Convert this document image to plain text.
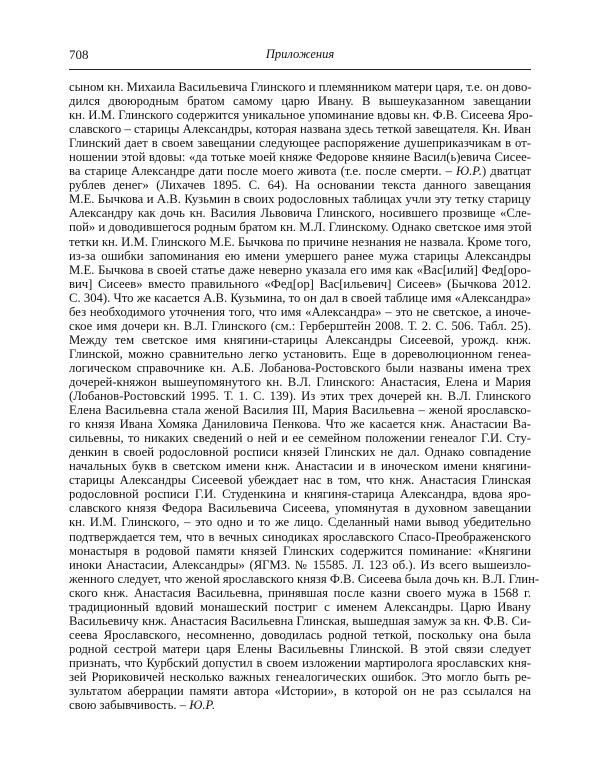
708	Приложения
сыном кн. Михаила Васильевича Глинского и племянником матери царя, т.е. он дово-
дился двоюродным братом самому царю Ивану. В вышеуказанном завещании
кн. И.М. Глинского содержится уникальное упоминание вдовы кн. Ф.В. Сисеева Яро-
славского – старицы Александры, которая названа здесь теткой завещателя. Кн. Иван
Глинский дает в своем завещании следующее распоряжение душеприказчикам в от-
ношении этой вдовы: «да тотьке моей княже Федорове княине Васил(ь)евича Сисее-
ва старице Александре дати после моего живота (т.е. после смерти. – Ю.Р.) дватцат
рублев денег» (Лихачев 1895. С. 64). На основании текста данного завещания
М.Е. Бычкова и А.В. Кузьмин в своих родословных таблицах учли эту тетку старицу
Александру как дочь кн. Василия Львовича Глинского, носившего прозвище «Сле-
пой» и доводившегося родным братом кн. М.Л. Глинскому. Однако светское имя этой
тетки кн. И.М. Глинского М.Е. Бычкова по причине незнания не назвала. Кроме того,
из-за ошибки запоминания ею имени умершего ранее мужа старицы Александры
М.Е. Бычкова в своей статье даже неверно указала его имя как «Вас[илий] Фед[оро-
вич] Сисеев» вместо правильного «Фед[ор] Вас[ильевич] Сисеев» (Бычкова 2012.
С. 304). Что же касается А.В. Кузьмина, то он дал в своей таблице имя «Александра»
без необходимого уточнения того, что имя «Александра» – это не светское, а иноче-
ское имя дочери кн. В.Л. Глинского (см.: Герберштейн 2008. Т. 2. С. 506. Табл. 25).
Между тем светское имя княгини-старицы Александры Сисеевой, урожд. кнж.
Глинской, можно сравнительно легко установить. Еще в дореволюционном генеа-
логическом справочнике кн. А.Б. Лобанова-Ростовского были названы имена трех
дочерей-княжон вышеупомянутого кн. В.Л. Глинского: Анастасия, Елена и Мария
(Лобанов-Ростовский 1995. Т. 1. С. 139). Из этих трех дочерей кн. В.Л. Глинского
Елена Васильевна стала женой Василия III, Мария Васильевна – женой ярославско-
го князя Ивана Хомяка Даниловича Пенкова. Что же касается кнж. Анастасии Ва-
сильевны, то никаких сведений о ней и ее семейном положении генеалог Г.И. Сту-
денкин в своей родословной росписи князей Глинских не дал. Однако совпадение
начальных букв в светском имени кнж. Анастасии и в иноческом имени княгини-
старицы Александры Сисеевой убеждает нас в том, что кнж. Анастасия Глинская
родословной росписи Г.И. Студенкина и княгиня-старица Александра, вдова яро-
славского князя Федора Васильевича Сисеева, упомянутая в духовном завещании
кн. И.М. Глинского, – это одно и то же лицо. Сделанный нами вывод убедительно
подтверждается тем, что в вечных синодиках ярославского Спасо-Преображенского
монастыря в родовой памяти князей Глинских содержится поминание: «Княгини
иноки Анастасии, Александры» (ЯГМЗ. № 15585. Л. 123 об.). Из всего вышеизло-
женного следует, что женой ярославского князя Ф.В. Сисеева была дочь кн. В.Л. Глин-
ского кнж. Анастасия Васильевна, принявшая после казни своего мужа в 1568 г.
традиционный вдовий монашеский постриг с именем Александры. Царю Ивану
Васильевичу кнж. Анастасия Васильевна Глинская, вышедшая замуж за кн. Ф.В. Си-
сеева Ярославского, несомненно, доводилась родной теткой, поскольку она была
родной сестрой матери царя Елены Васильевны Глинской. В этой связи следует
признать, что Курбский допустил в своем изложении мартиролога ярославских кня-
зей Рюриковичей несколько важных генеалогических ошибок. Это могло быть ре-
зультатом аберрации памяти автора «Истории», в которой он не раз ссылался на
свою забывчивость. – Ю.Р.
